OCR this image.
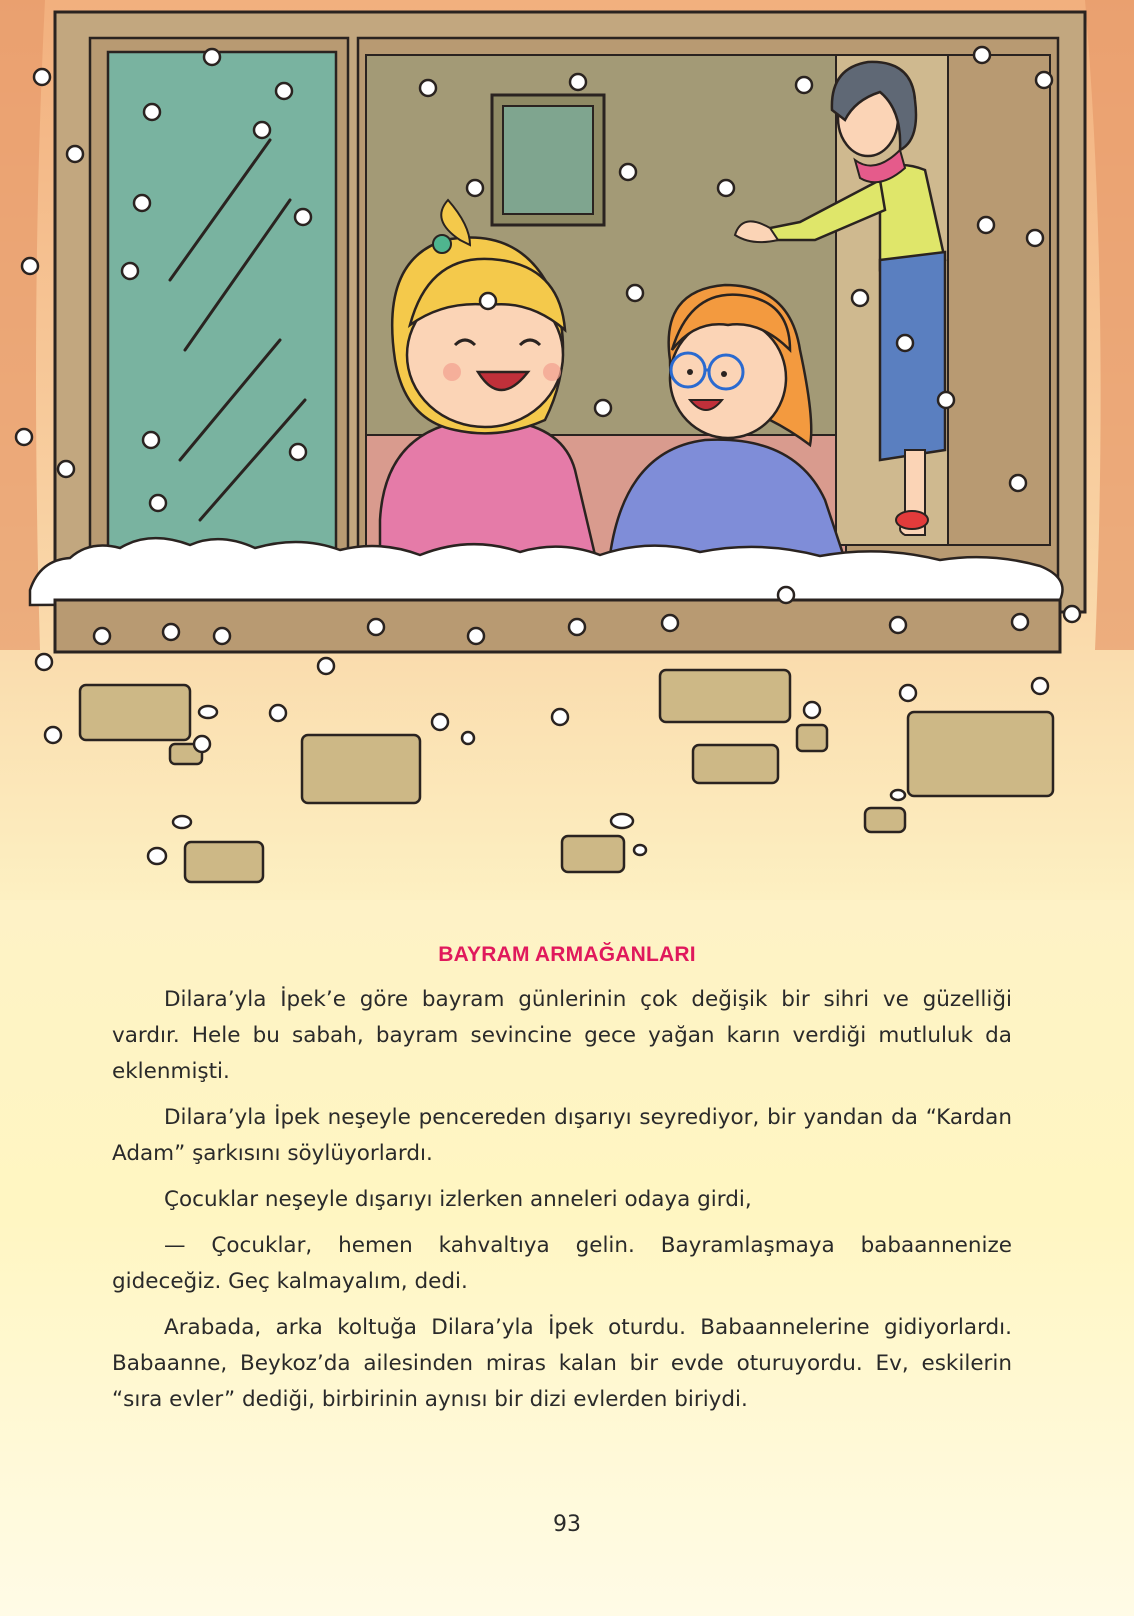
BAYRAM ARMAĞANLARI

Dilara’yla İpek’e göre bayram günlerinin çok değişik bir sihri ve güzelliği vardır. Hele bu sabah, bayram sevincine gece yağan karın verdiği mutluluk da eklenmişti.

Dilara’yla İpek neşeyle pencereden dışarıyı seyrediyor, bir yandan da “Kardan Adam” şarkısını söylüyorlardı.

Çocuklar neşeyle dışarıyı izlerken anneleri odaya girdi,

— Çocuklar, hemen kahvaltıya gelin. Bayramlaşmaya babaannenize gideceğiz. Geç kalmayalım, dedi.

Arabada, arka koltuğa Dilara’yla İpek oturdu. Babaannelerine gidiyorlardı. Babaanne, Beykoz’da ailesinden miras kalan bir evde oturuyordu. Ev, eskilerin “sıra evler” dediği, birbirinin aynısı bir dizi evlerden biriydi.

93
